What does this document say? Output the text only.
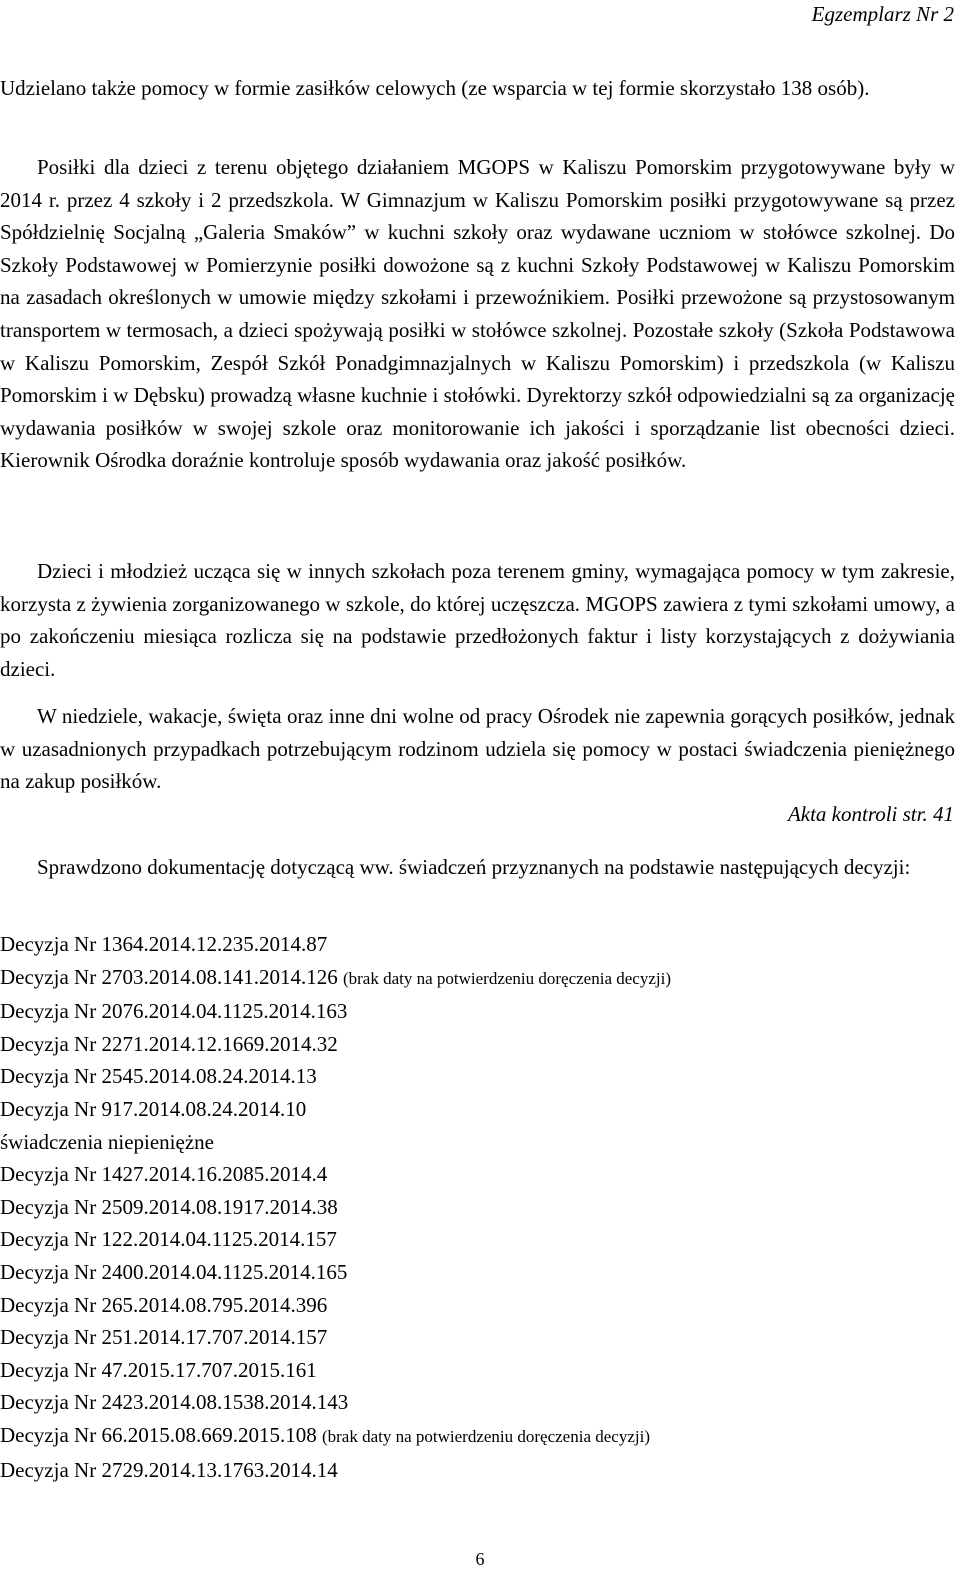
Egzemplarz Nr 2

Udzielano także pomocy w formie zasiłków celowych (ze wsparcia w tej formie skorzystało 138 osób).

Posiłki dla dzieci z terenu objętego działaniem MGOPS w Kaliszu Pomorskim przygotowywane były w 2014 r. przez 4 szkoły i 2 przedszkola. W Gimnazjum w Kaliszu Pomorskim posiłki przygotowywane są przez Spółdzielnię Socjalną „Galeria Smaków” w kuchni szkoły oraz wydawane uczniom w stołówce szkolnej. Do Szkoły Podstawowej w Pomierzynie posiłki dowożone są z kuchni Szkoły Podstawowej w Kaliszu Pomorskim na zasadach określonych w umowie między szkołami i przewoźnikiem. Posiłki przewożone są przystosowanym transportem w termosach, a dzieci spożywają posiłki w stołówce szkolnej. Pozostałe szkoły (Szkoła Podstawowa w Kaliszu Pomorskim, Zespół Szkół Ponadgimnazjalnych w Kaliszu Pomorskim) i przedszkola (w Kaliszu Pomorskim i w Dębsku) prowadzą własne kuchnie i stołówki. Dyrektorzy szkół odpowiedzialni są za organizację wydawania posiłków w swojej szkole oraz monitorowanie ich jakości i sporządzanie list obecności dzieci. Kierownik Ośrodka doraźnie kontroluje sposób wydawania oraz jakość posiłków.

Dzieci i młodzież ucząca się w innych szkołach poza terenem gminy, wymagająca pomocy w tym zakresie, korzysta z żywienia zorganizowanego w szkole, do której uczęszcza. MGOPS zawiera z tymi szkołami umowy, a po zakończeniu miesiąca rozlicza się na podstawie przedłożonych faktur i listy korzystających z dożywiania dzieci.

W niedziele, wakacje, święta oraz inne dni wolne od pracy Ośrodek nie zapewnia gorących posiłków, jednak w uzasadnionych przypadkach potrzebującym rodzinom udziela się pomocy w postaci świadczenia pieniężnego na zakup posiłków.

Akta kontroli str. 41

Sprawdzono dokumentację dotyczącą ww. świadczeń przyznanych na podstawie następujących decyzji:

Decyzja Nr 1364.2014.12.235.2014.87
Decyzja Nr 2703.2014.08.141.2014.126 (brak daty na potwierdzeniu doręczenia decyzji)
Decyzja Nr 2076.2014.04.1125.2014.163
Decyzja Nr 2271.2014.12.1669.2014.32
Decyzja Nr 2545.2014.08.24.2014.13
Decyzja Nr 917.2014.08.24.2014.10
świadczenia niepieniężne
Decyzja Nr 1427.2014.16.2085.2014.4
Decyzja Nr 2509.2014.08.1917.2014.38
Decyzja Nr 122.2014.04.1125.2014.157
Decyzja Nr 2400.2014.04.1125.2014.165
Decyzja Nr 265.2014.08.795.2014.396
Decyzja Nr 251.2014.17.707.2014.157
Decyzja Nr 47.2015.17.707.2015.161
Decyzja Nr 2423.2014.08.1538.2014.143
Decyzja Nr 66.2015.08.669.2015.108 (brak daty na potwierdzeniu doręczenia decyzji)
Decyzja Nr 2729.2014.13.1763.2014.14
6
